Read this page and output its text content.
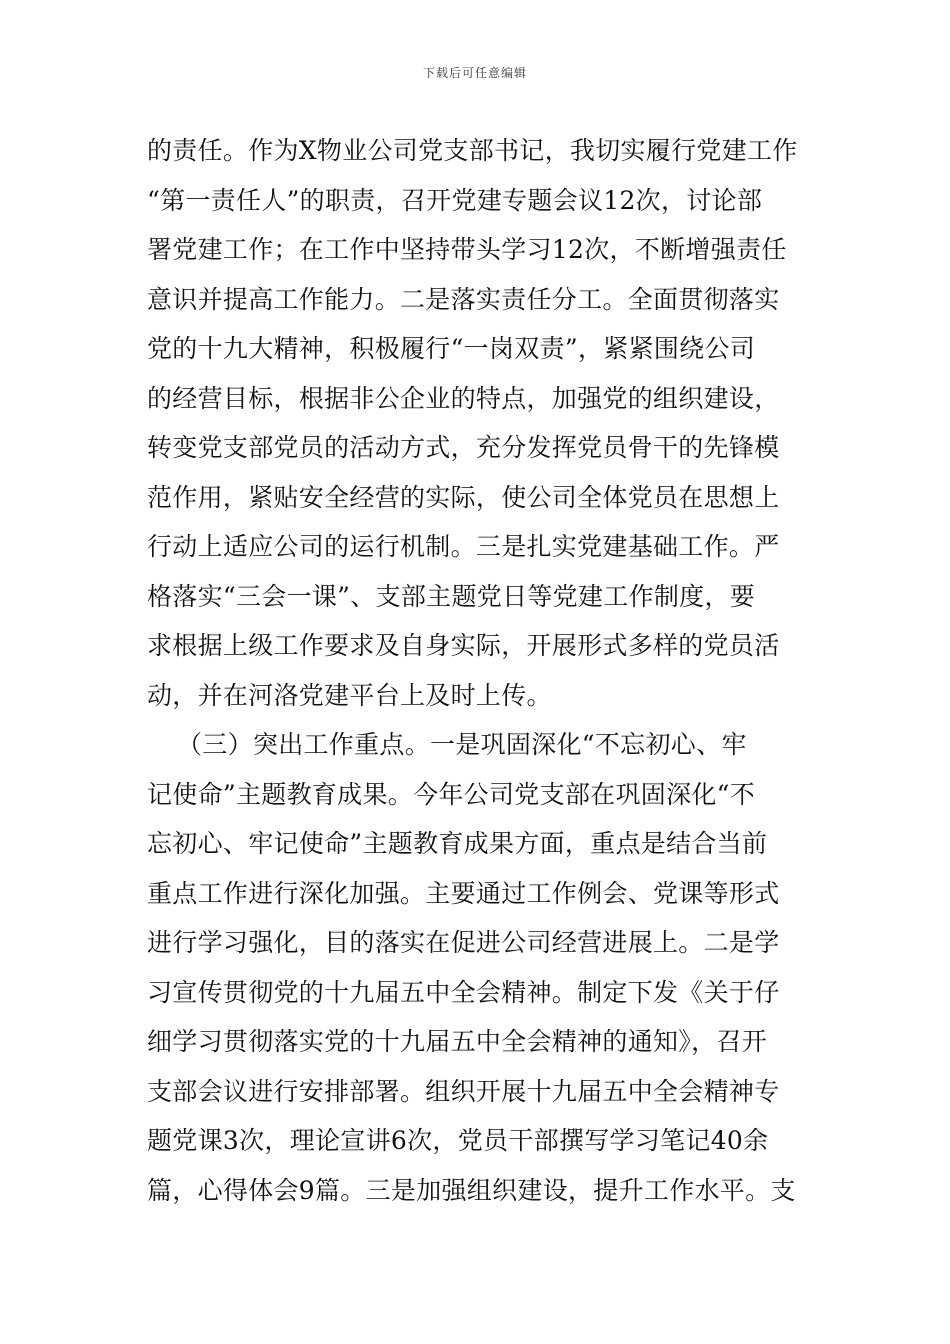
下载后可任意编辑
的责任。作为X物业公司党支部书记，我切实履行党建工作
“第一责任人”的职责，召开党建专题会议12次，讨论部
署党建工作；在工作中坚持带头学习12次，不断增强责任
意识并提高工作能力。二是落实责任分工。全面贯彻落实
党的十九大精神，积极履行“一岗双责”，紧紧围绕公司
的经营目标，根据非公企业的特点，加强党的组织建设，
转变党支部党员的活动方式，充分发挥党员骨干的先锋模
范作用，紧贴安全经营的实际，使公司全体党员在思想上
行动上适应公司的运行机制。三是扎实党建基础工作。严
格落实“三会一课”、支部主题党日等党建工作制度，要
求根据上级工作要求及自身实际，开展形式多样的党员活
动，并在河洛党建平台上及时上传。
（三）突出工作重点。一是巩固深化“不忘初心、牢
记使命”主题教育成果。今年公司党支部在巩固深化“不
忘初心、牢记使命”主题教育成果方面，重点是结合当前
重点工作进行深化加强。主要通过工作例会、党课等形式
进行学习强化，目的落实在促进公司经营进展上。二是学
习宣传贯彻党的十九届五中全会精神。制定下发《关于仔
细学习贯彻落实党的十九届五中全会精神的通知》，召开
支部会议进行安排部署。组织开展十九届五中全会精神专
题党课3次，理论宣讲6次，党员干部撰写学习笔记40余
篇，心得体会9篇。三是加强组织建设，提升工作水平。支
